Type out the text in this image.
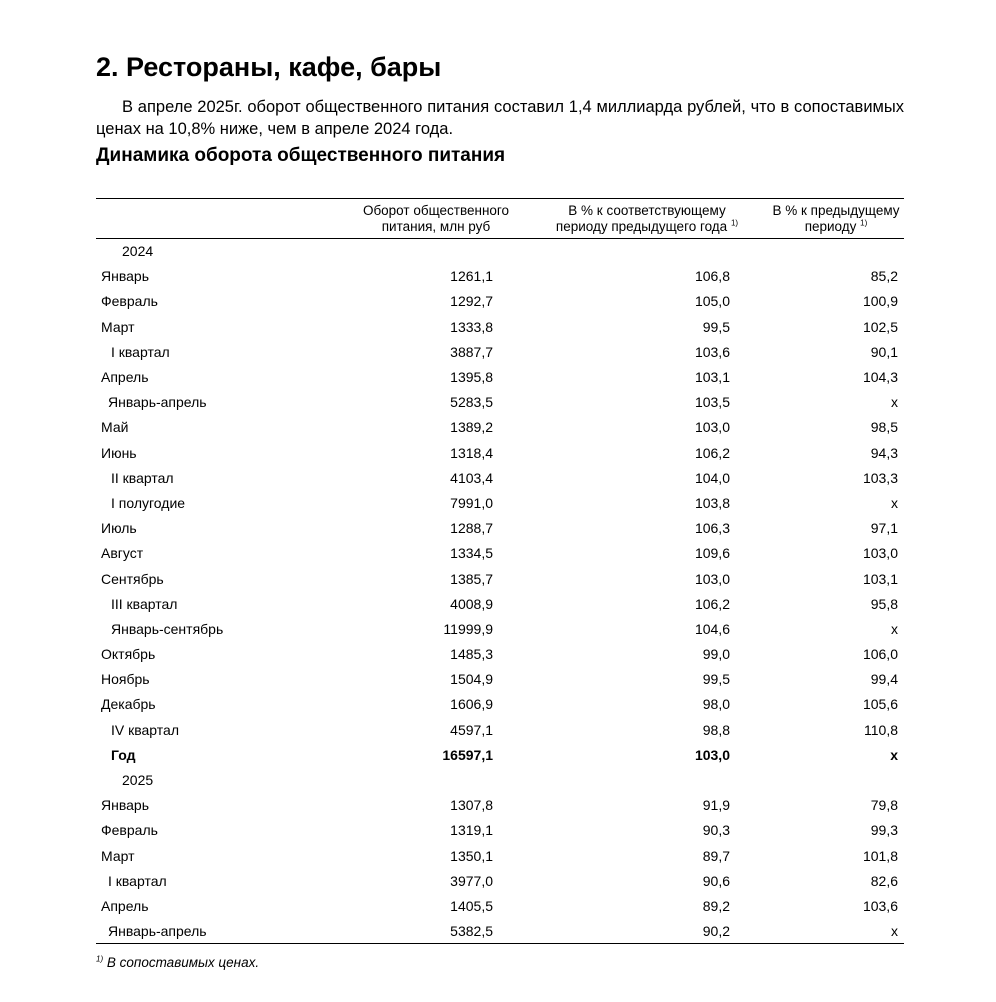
2. Рестораны, кафе, бары

В апреле 2025г. оборот общественного питания составил 1,4 миллиарда рублей, что в сопоставимых ценах на 10,8% ниже, чем в апреле 2024 года.

Динамика оборота общественного питания
	Оборот общественного питания, млн руб	В % к соответствующему периоду предыдущего года $^{1)}$	В % к предыдущему периоду $^{1)}$
2024			
Январь	1261,1	106,8	85,2
Февраль	1292,7	105,0	100,9
Март	1333,8	99,5	102,5
I квартал	3887,7	103,6	90,1
Апрель	1395,8	103,1	104,3
Январь-апрель	5283,5	103,5	x
Май	1389,2	103,0	98,5
Июнь	1318,4	106,2	94,3
II квартал	4103,4	104,0	103,3
I полугодие	7991,0	103,8	x
Июль	1288,7	106,3	97,1
Август	1334,5	109,6	103,0
Сентябрь	1385,7	103,0	103,1
III квартал	4008,9	106,2	95,8
Январь-сентябрь	11999,9	104,6	x
Октябрь	1485,3	99,0	106,0
Ноябрь	1504,9	99,5	99,4
Декабрь	1606,9	98,0	105,6
IV квартал	4597,1	98,8	110,8
Год	16597,1	103,0	x
2025			
Январь	1307,8	91,9	79,8
Февраль	1319,1	90,3	99,3
Март	1350,1	89,7	101,8
I квартал	3977,0	90,6	82,6
Апрель	1405,5	89,2	103,6
Январь-апрель	5382,5	90,2	x
$^{1)}$ В сопоставимых ценах.
